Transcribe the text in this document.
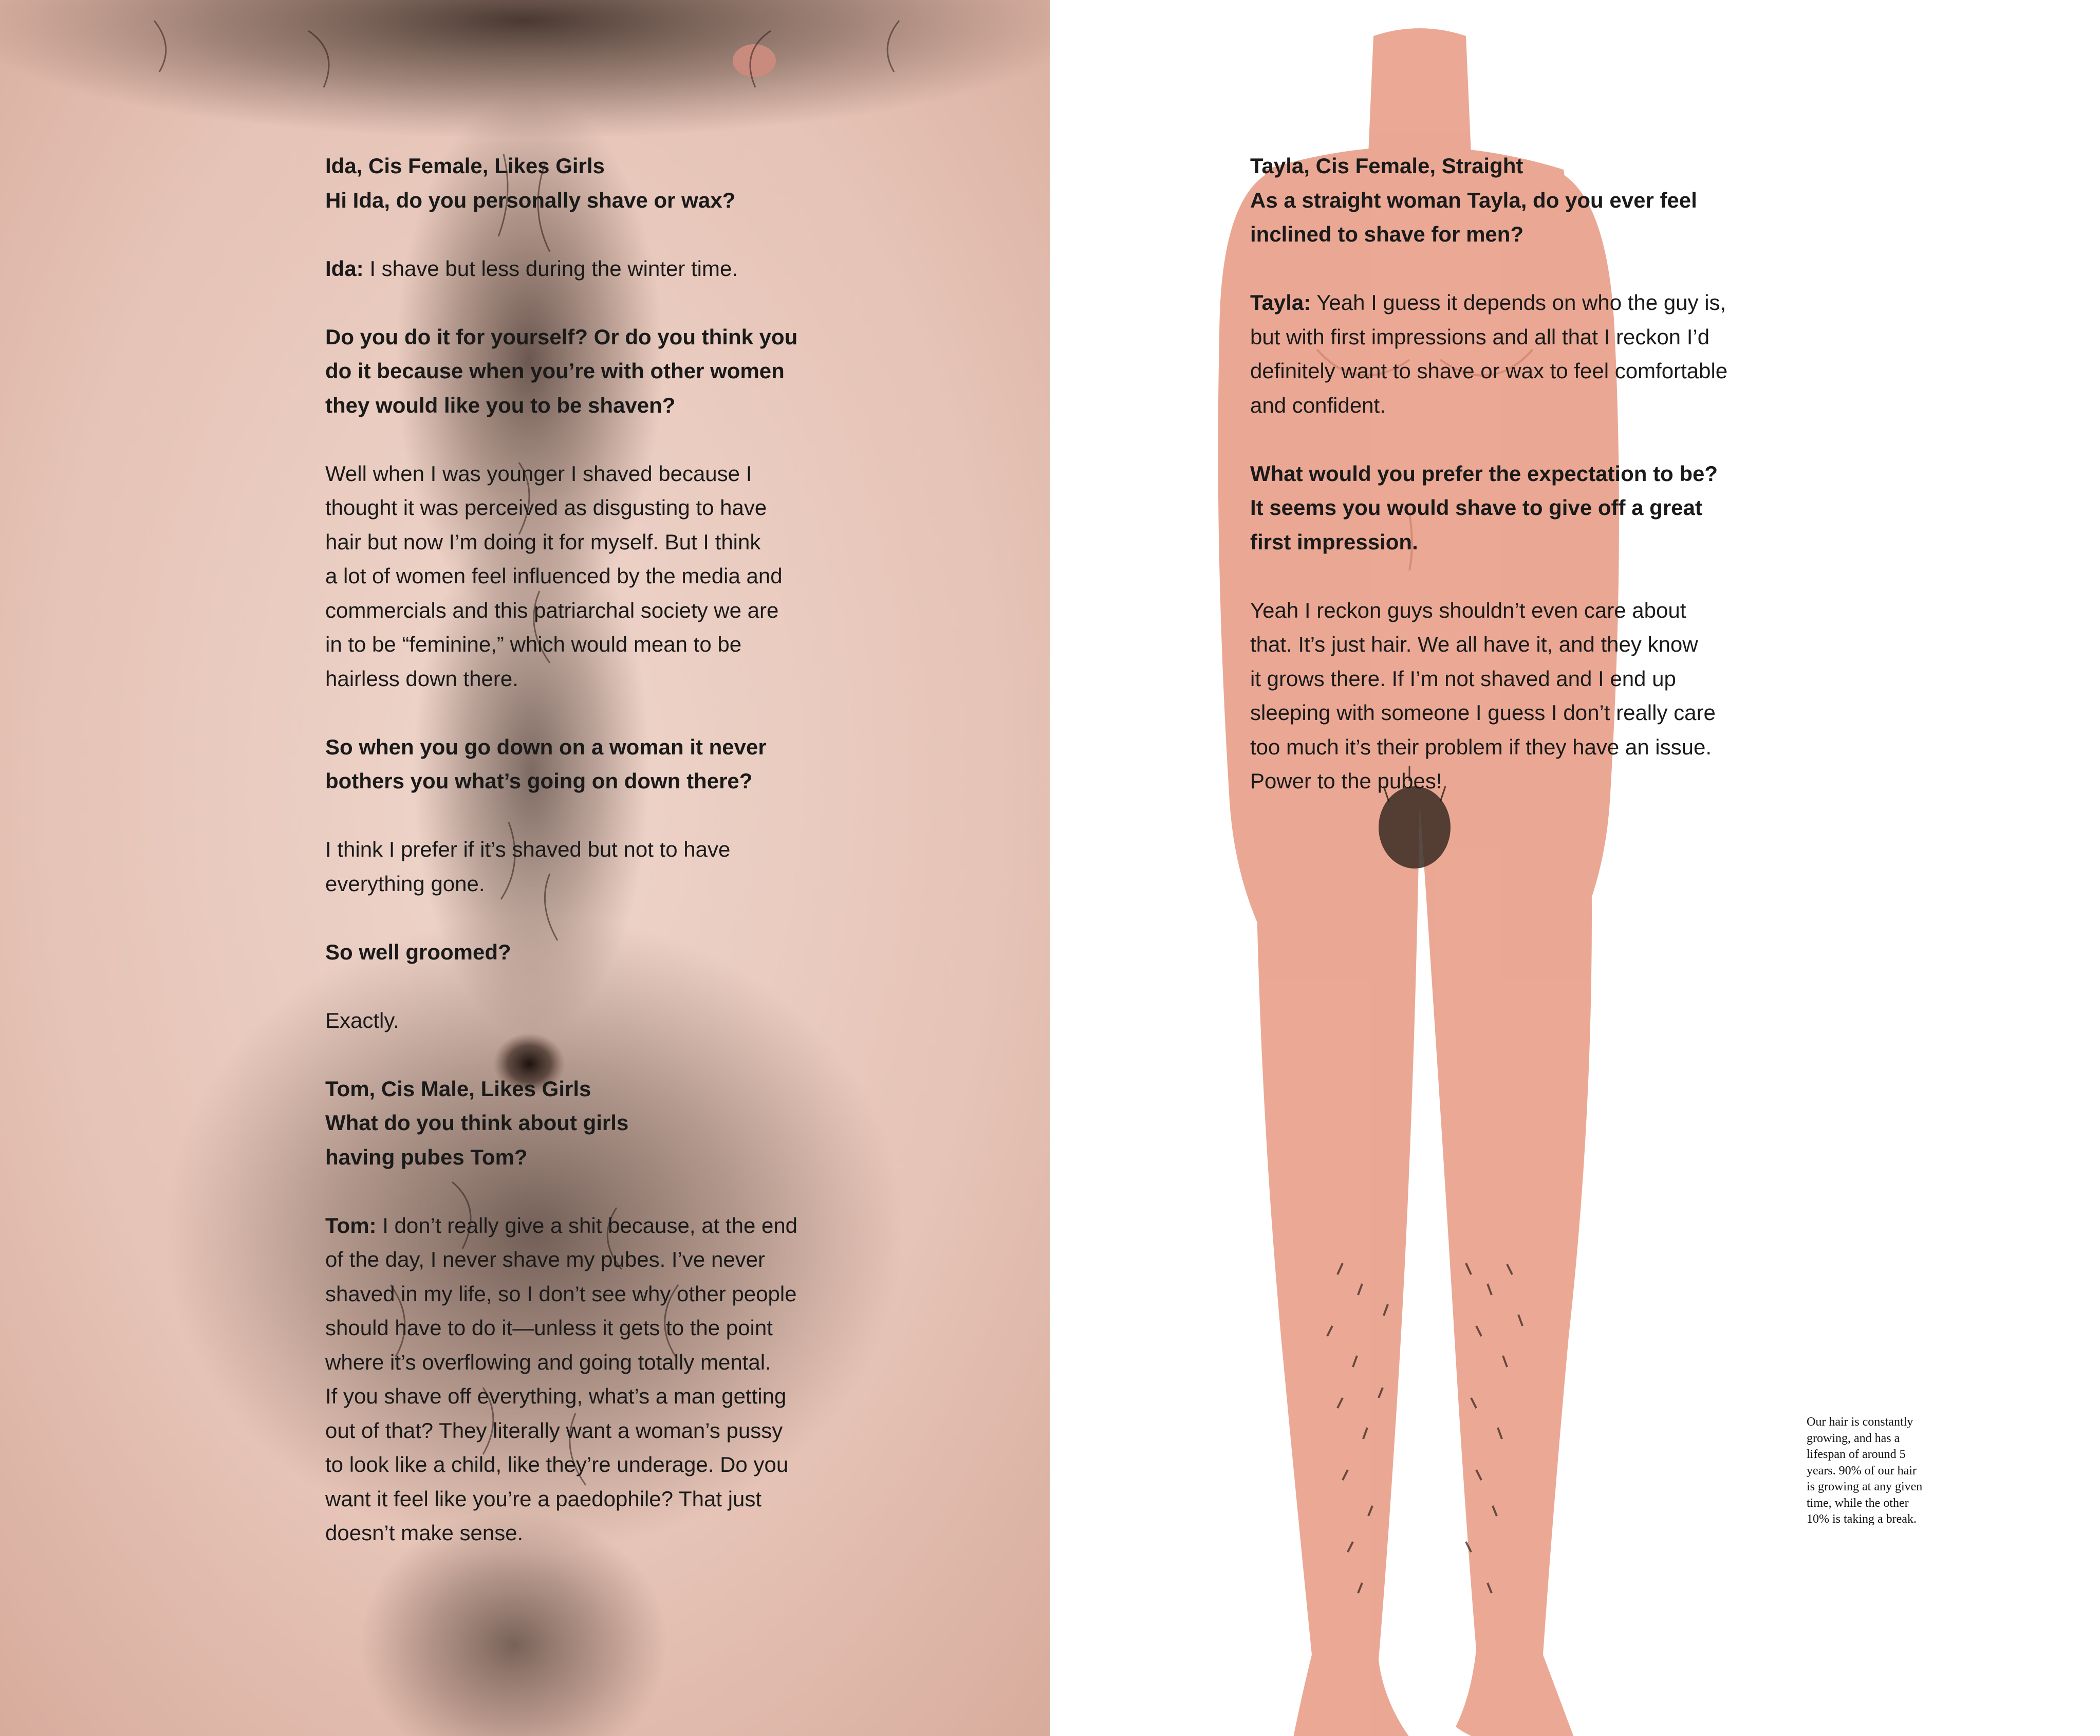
Ida, Cis Female, Likes Girls
Hi Ida, do you personally shave or wax?

Ida: I shave but less during the winter time.

Do you do it for yourself? Or do you think you
do it because when you’re with other women
they would like you to be shaven?

Well when I was younger I shaved because I
thought it was perceived as disgusting to have
hair but now I’m doing it for myself. But I think
a lot of women feel influenced by the media and
commercials and this patriarchal society we are
in to be “feminine,” which would mean to be
hairless down there.

So when you go down on a woman it never
bothers you what’s going on down there?

I think I prefer if it’s shaved but not to have
everything gone.

So well groomed?

Exactly.

Tom, Cis Male, Likes Girls
What do you think about girls
having pubes Tom?

Tom: I don’t really give a shit because, at the end
of the day, I never shave my pubes. I’ve never
shaved in my life, so I don’t see why other people
should have to do it—unless it gets to the point
where it’s overflowing and going totally mental.
If you shave off everything, what’s a man getting
out of that? They literally want a woman’s pussy
to look like a child, like they’re underage. Do you
want it feel like you’re a paedophile? That just
doesn’t make sense.

Tayla, Cis Female, Straight
As a straight woman Tayla, do you ever feel
inclined to shave for men?

Tayla: Yeah I guess it depends on who the guy is,
but with first impressions and all that I reckon I’d
definitely want to shave or wax to feel comfortable
and confident.

What would you prefer the expectation to be?
It seems you would shave to give off a great
first impression.

Yeah I reckon guys shouldn’t even care about
that. It’s just hair. We all have it, and they know
it grows there. If I’m not shaved and I end up
sleeping with someone I guess I don’t really care
too much it’s their problem if they have an issue.
Power to the pubes!

Our hair is constantly
growing, and has a
lifespan of around 5
years. 90% of our hair
is growing at any given
time, while the other
10% is taking a break.
